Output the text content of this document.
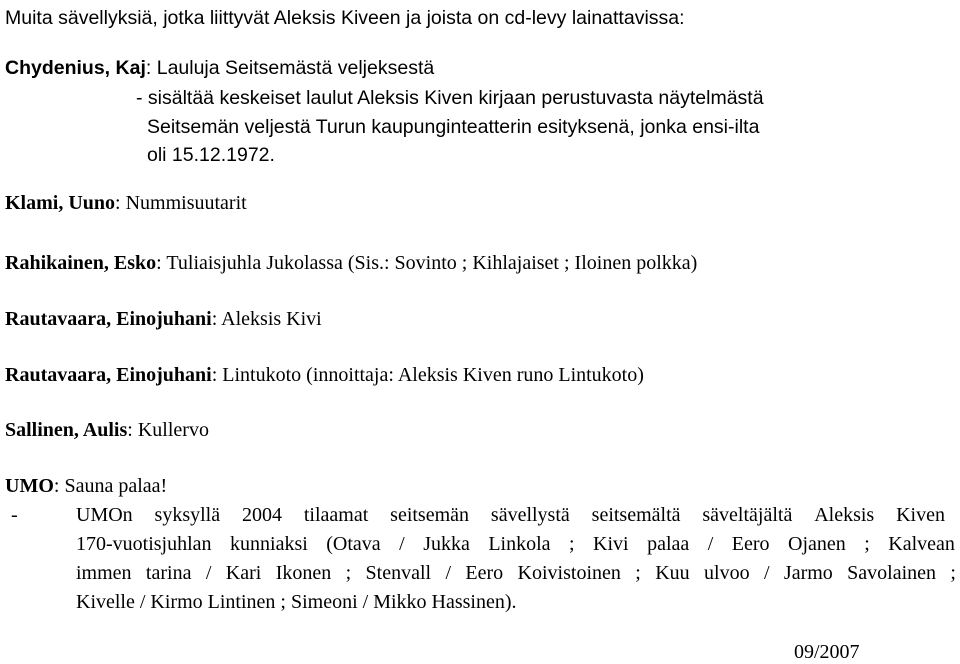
Muita sävellyksiä, jotka liittyvät Aleksis Kiveen ja joista on cd-levy lainattavissa:
Chydenius, Kaj: Lauluja Seitsemästä veljeksestä
- sisältää keskeiset laulut Aleksis Kiven kirjaan perustuvasta näytelmästä
Seitsemän veljestä Turun kaupunginteatterin esityksenä, jonka ensi-ilta
oli 15.12.1972.
Klami, Uuno: Nummisuutarit
Rahikainen, Esko: Tuliaisjuhla Jukolassa (Sis.: Sovinto ; Kihlajaiset ; Iloinen polkka)
Rautavaara, Einojuhani: Aleksis Kivi
Rautavaara, Einojuhani: Lintukoto (innoittaja: Aleksis Kiven runo Lintukoto)
Sallinen, Aulis: Kullervo
UMO: Sauna palaa!
-	UMOn syksyllä 2004 tilaamat seitsemän sävellystä seitsemältä säveltäjältä Aleksis Kiven
170-vuotisjuhlan kunniaksi (Otava / Jukka Linkola ; Kivi palaa / Eero Ojanen ; Kalvean
immen tarina / Kari Ikonen ; Stenvall / Eero Koivistoinen ; Kuu ulvoo / Jarmo Savolainen ;
Kivelle / Kirmo Lintinen ; Simeoni / Mikko Hassinen).
09/2007
